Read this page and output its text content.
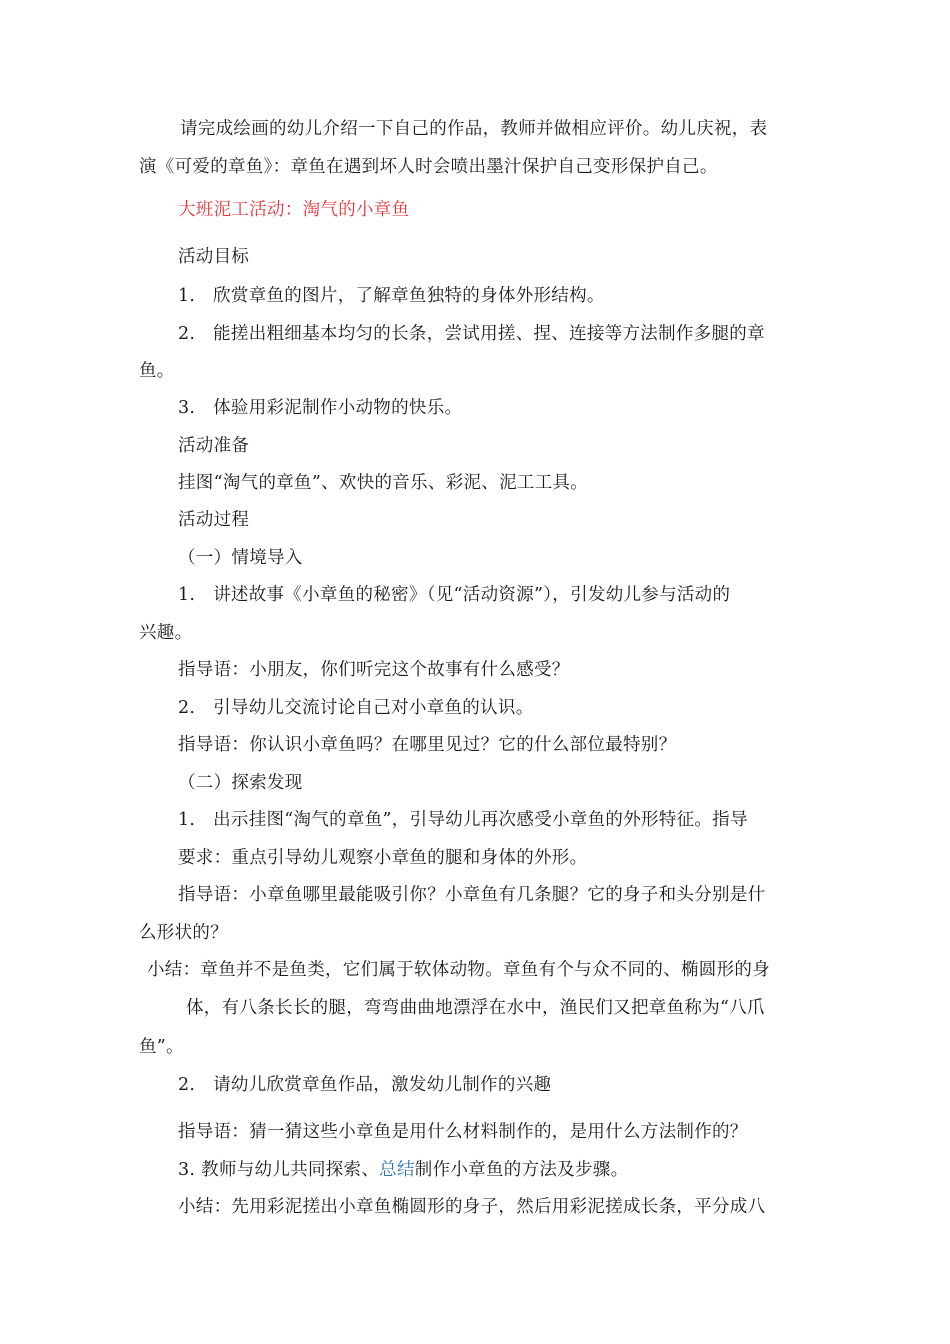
请完成绘画的幼儿介绍一下自己的作品，教师并做相应评价。幼儿庆祝，表
演《可爱的章鱼》：章鱼在遇到坏人时会喷出墨汁保护自己变形保护自己。
大班泥工活动：淘气的小章鱼
活动目标
1.　欣赏章鱼的图片，了解章鱼独特的身体外形结构。
2.　能搓出粗细基本均匀的长条，尝试用搓、捏、连接等方法制作多腿的章
鱼。
3.　体验用彩泥制作小动物的快乐。
活动准备
挂图“淘气的章鱼”、欢快的音乐、彩泥、泥工工具。
活动过程
（一）情境导入
1.　讲述故事《小章鱼的秘密》（见“活动资源”），引发幼儿参与活动的
兴趣。
指导语：小朋友，你们听完这个故事有什么感受？
2.　引导幼儿交流讨论自己对小章鱼的认识。
指导语：你认识小章鱼吗？在哪里见过？它的什么部位最特别？
（二）探索发现
1.　出示挂图“淘气的章鱼”，引导幼儿再次感受小章鱼的外形特征。指导
要求：重点引导幼儿观察小章鱼的腿和身体的外形。
指导语：小章鱼哪里最能吸引你？小章鱼有几条腿？它的身子和头分别是什
么形状的？
小结：章鱼并不是鱼类，它们属于软体动物。章鱼有个与众不同的、椭圆形的身
体，有八条长长的腿，弯弯曲曲地漂浮在水中，渔民们又把章鱼称为“八爪
鱼”。
2.　请幼儿欣赏章鱼作品，激发幼儿制作的兴趣
指导语：猜一猜这些小章鱼是用什么材料制作的，是用什么方法制作的？
3. 教师与幼儿共同探索、总结制作小章鱼的方法及步骤。
小结：先用彩泥搓出小章鱼椭圆形的身子，然后用彩泥搓成长条，平分成八
